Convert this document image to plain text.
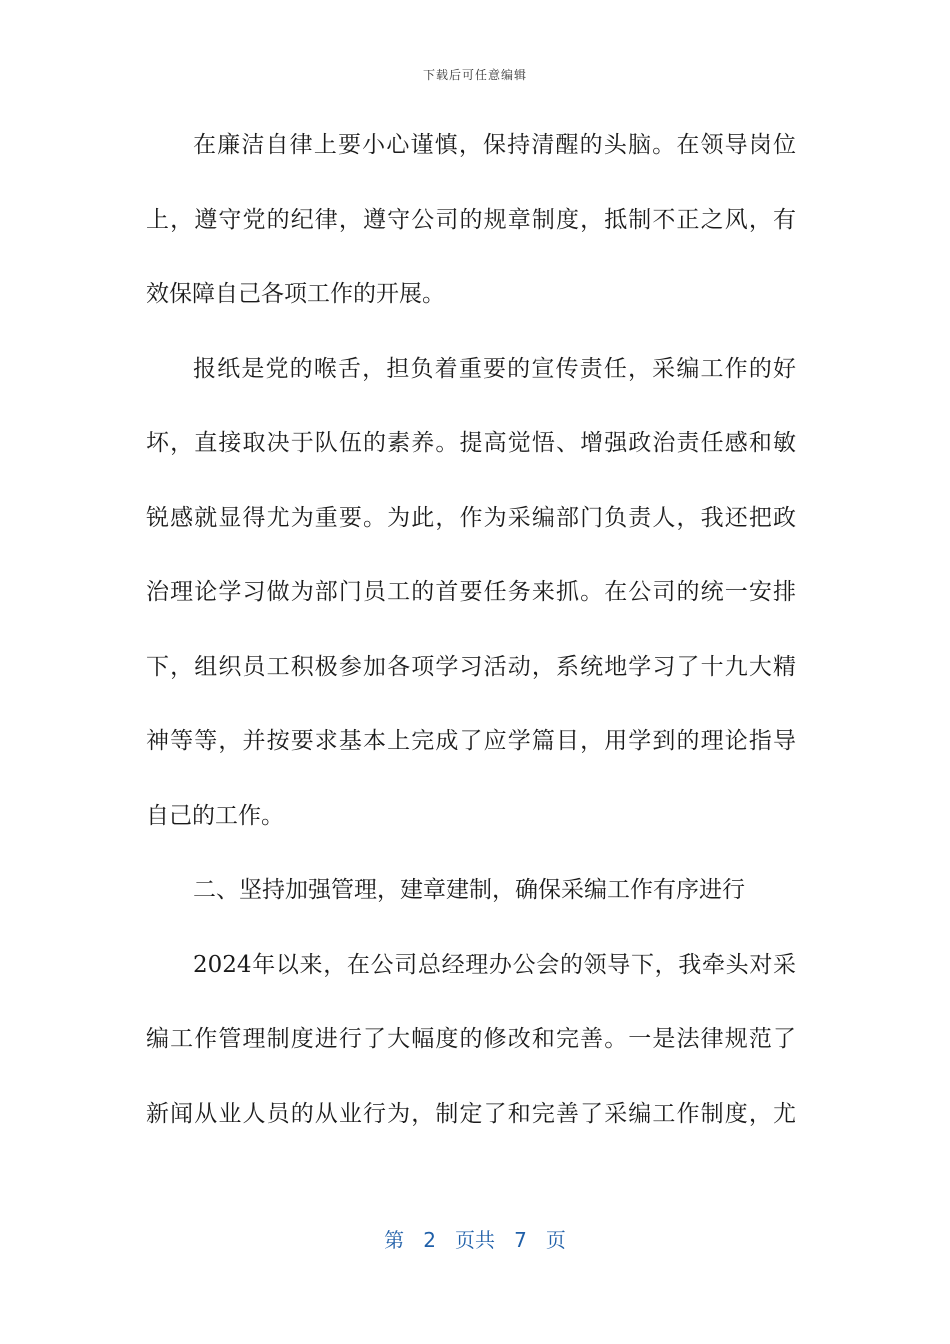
下载后可任意编辑
在廉洁自律上要小心谨慎，保持清醒的头脑。在领导岗位
上，遵守党的纪律，遵守公司的规章制度，抵制不正之风，有
效保障自己各项工作的开展。
报纸是党的喉舌，担负着重要的宣传责任，采编工作的好
坏，直接取决于队伍的素养。提高觉悟、增强政治责任感和敏
锐感就显得尤为重要。为此，作为采编部门负责人，我还把政
治理论学习做为部门员工的首要任务来抓。在公司的统一安排
下，组织员工积极参加各项学习活动，系统地学习了十九大精
神等等，并按要求基本上完成了应学篇目，用学到的理论指导
自己的工作。
二、坚持加强管理，建章建制，确保采编工作有序进行
2024年以来，在公司总经理办公会的领导下，我牵头对采
编工作管理制度进行了大幅度的修改和完善。一是法律规范了
新闻从业人员的从业行为，制定了和完善了采编工作制度，尤
第 2 页共 7 页
